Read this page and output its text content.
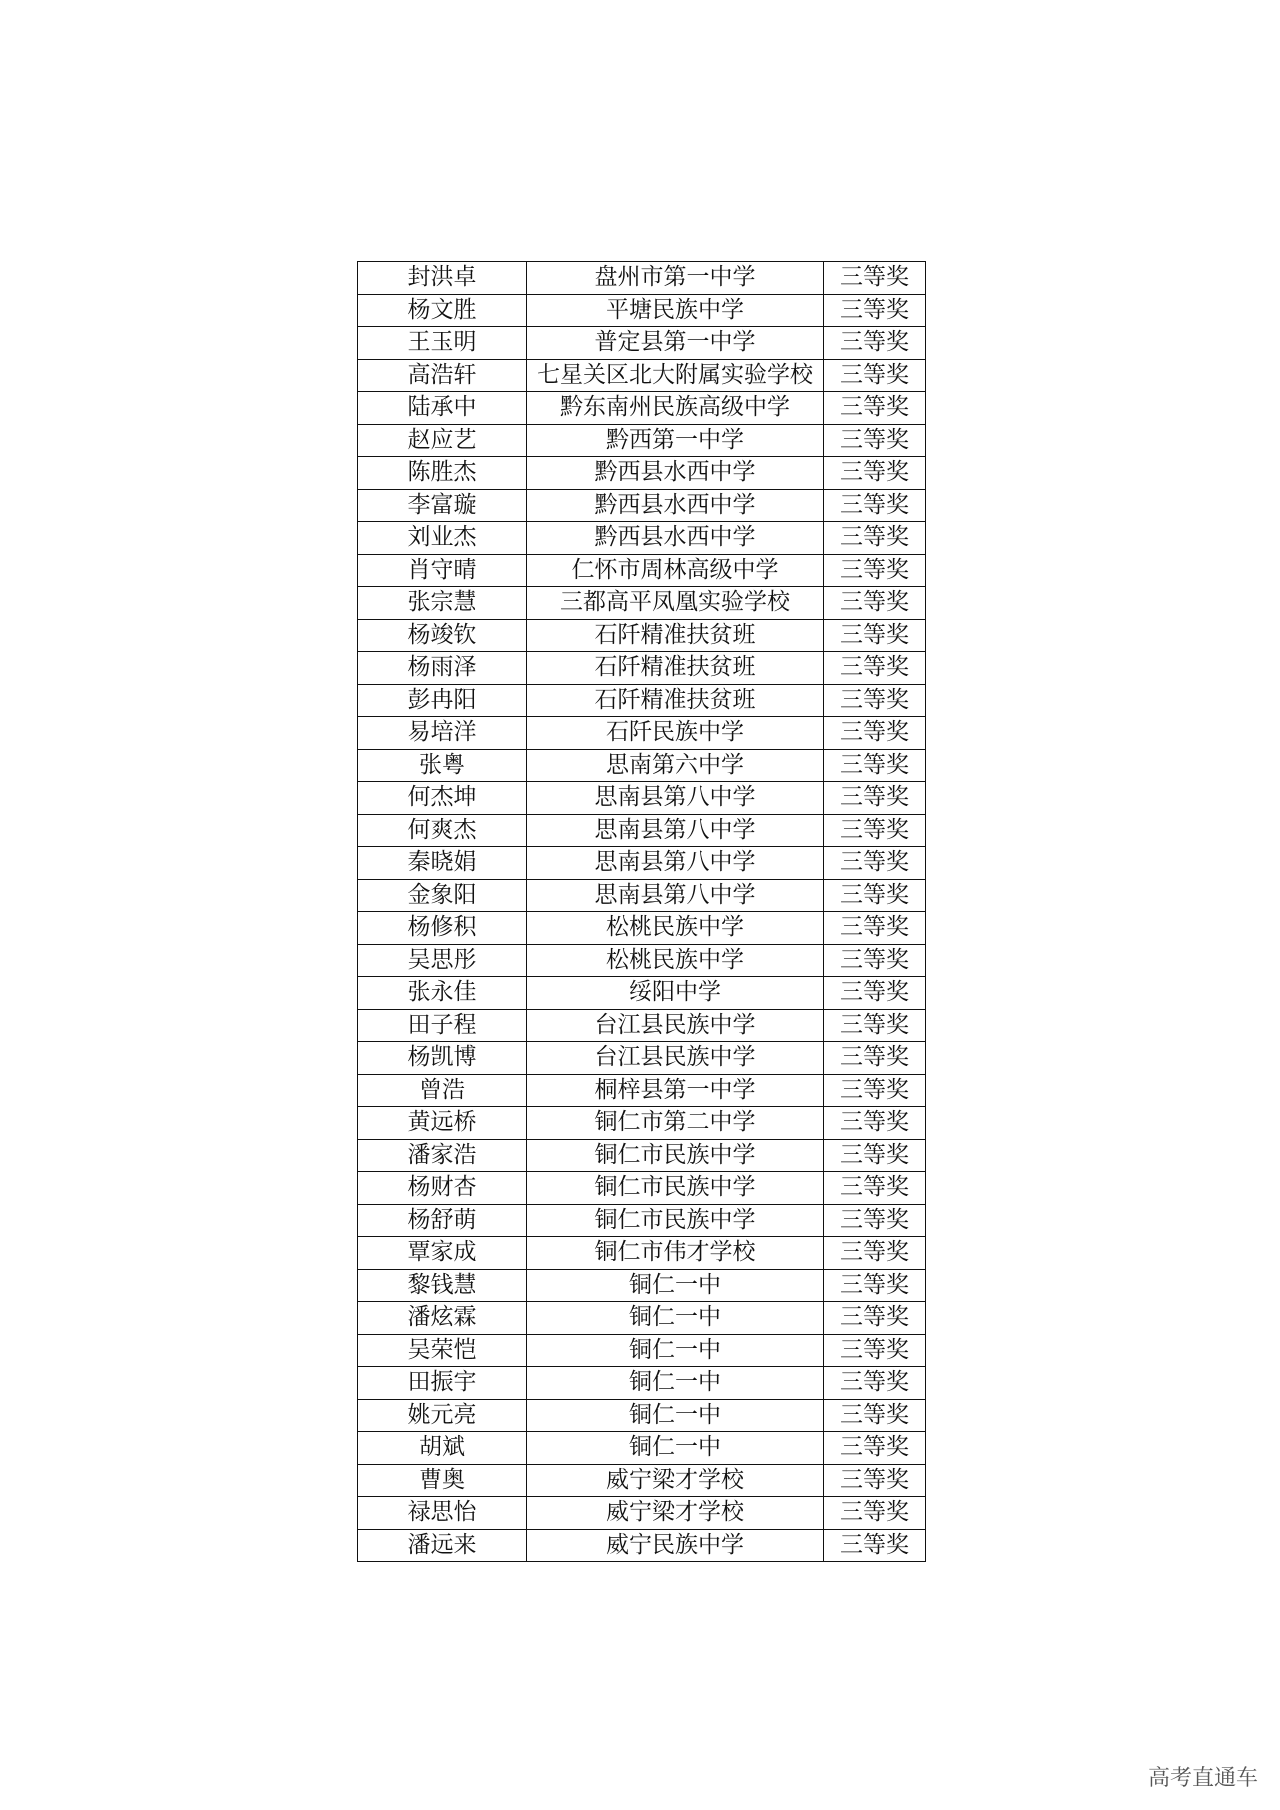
封洪卓	盘州市第一中学	三等奖
杨文胜	平塘民族中学	三等奖
王玉明	普定县第一中学	三等奖
高浩轩	七星关区北大附属实验学校	三等奖
陆承中	黔东南州民族高级中学	三等奖
赵应艺	黔西第一中学	三等奖
陈胜杰	黔西县水西中学	三等奖
李富璇	黔西县水西中学	三等奖
刘业杰	黔西县水西中学	三等奖
肖守晴	仁怀市周林高级中学	三等奖
张宗慧	三都高平凤凰实验学校	三等奖
杨竣钦	石阡精准扶贫班	三等奖
杨雨泽	石阡精准扶贫班	三等奖
彭冉阳	石阡精准扶贫班	三等奖
易培洋	石阡民族中学	三等奖
张粤	思南第六中学	三等奖
何杰坤	思南县第八中学	三等奖
何爽杰	思南县第八中学	三等奖
秦晓娟	思南县第八中学	三等奖
金象阳	思南县第八中学	三等奖
杨修积	松桃民族中学	三等奖
吴思彤	松桃民族中学	三等奖
张永佳	绥阳中学	三等奖
田子程	台江县民族中学	三等奖
杨凯博	台江县民族中学	三等奖
曾浩	桐梓县第一中学	三等奖
黄远桥	铜仁市第二中学	三等奖
潘家浩	铜仁市民族中学	三等奖
杨财杏	铜仁市民族中学	三等奖
杨舒萌	铜仁市民族中学	三等奖
覃家成	铜仁市伟才学校	三等奖
黎钱慧	铜仁一中	三等奖
潘炫霖	铜仁一中	三等奖
吴荣恺	铜仁一中	三等奖
田振宇	铜仁一中	三等奖
姚元亮	铜仁一中	三等奖
胡斌	铜仁一中	三等奖
曹奥	威宁梁才学校	三等奖
禄思怡	威宁梁才学校	三等奖
潘远来	威宁民族中学	三等奖
高考直通车
